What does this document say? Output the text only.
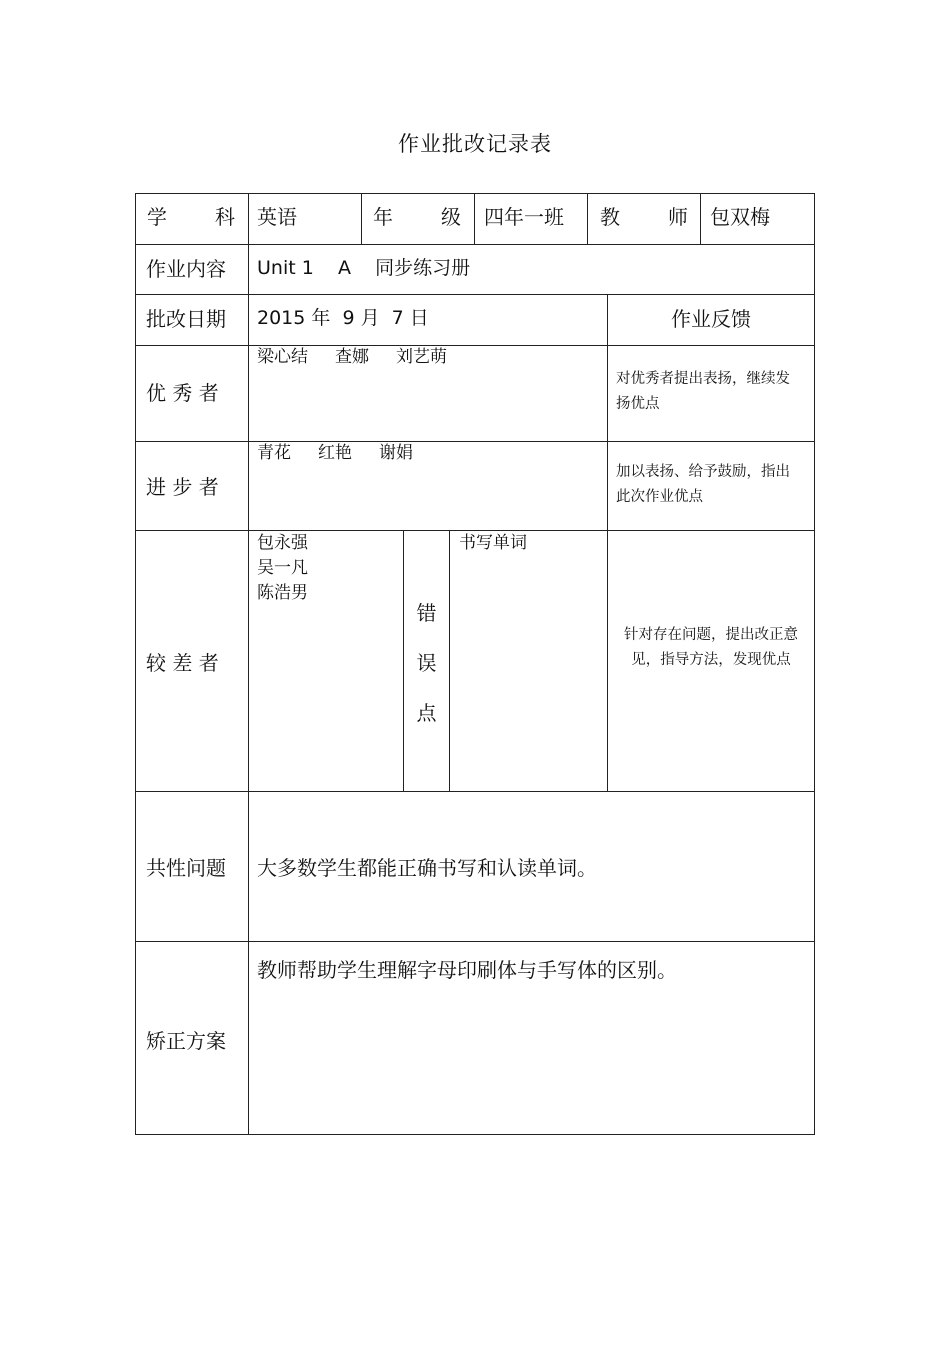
作业批改记录表
学 科 英语	年 级 四年一班 教 师 包双梅
作业内容 Unit 1    A    同步练习册
批改日期 2015 年  9 月  7 日	作业反馈
优 秀 者
梁心结     查娜     刘艺萌
对优秀者提出表扬，继续发扬优点
进 步 者
青花     红艳     谢娟
加以表扬、给予鼓励，指出此次作业优点
较 差 者
包永强
吴一凡
陈浩男
错
误
点
书写单词
针对存在问题，提出改正意见，指导方法，发现优点
共性问题 大多数学生都能正确书写和认读单词。
矫正方案
教师帮助学生理解字母印刷体与手写体的区别。
